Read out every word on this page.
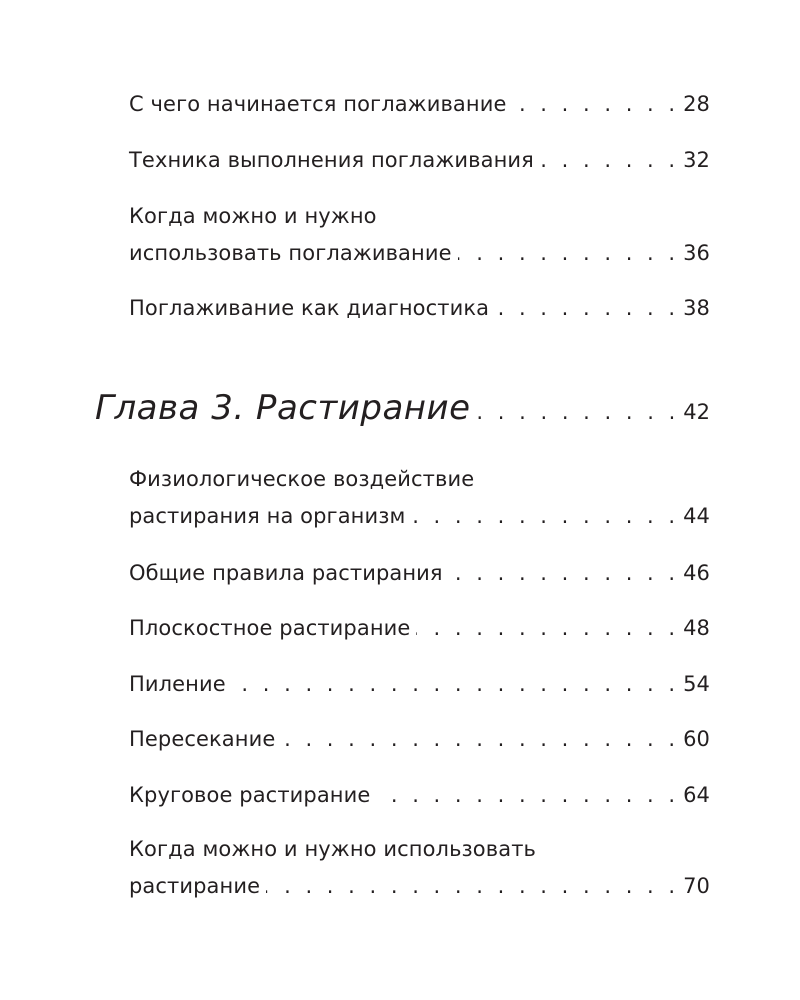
С чего начинается поглаживание . . .	28
Техника выполнения поглаживания . . .	32
Когда можно и нужно
использовать поглаживание . . .	36
Поглаживание как диагностика . . .	38
Глава 3. Растирание . . .	42
Физиологическое воздействие
растирания на организм . . .	44
Общие правила растирания . . .	46
Плоскостное растирание . . .	48
Пиление . . .	54
Пересекание . . .	60
Круговое растирание . . .	64
Когда можно и нужно использовать
растирание . . .	70
